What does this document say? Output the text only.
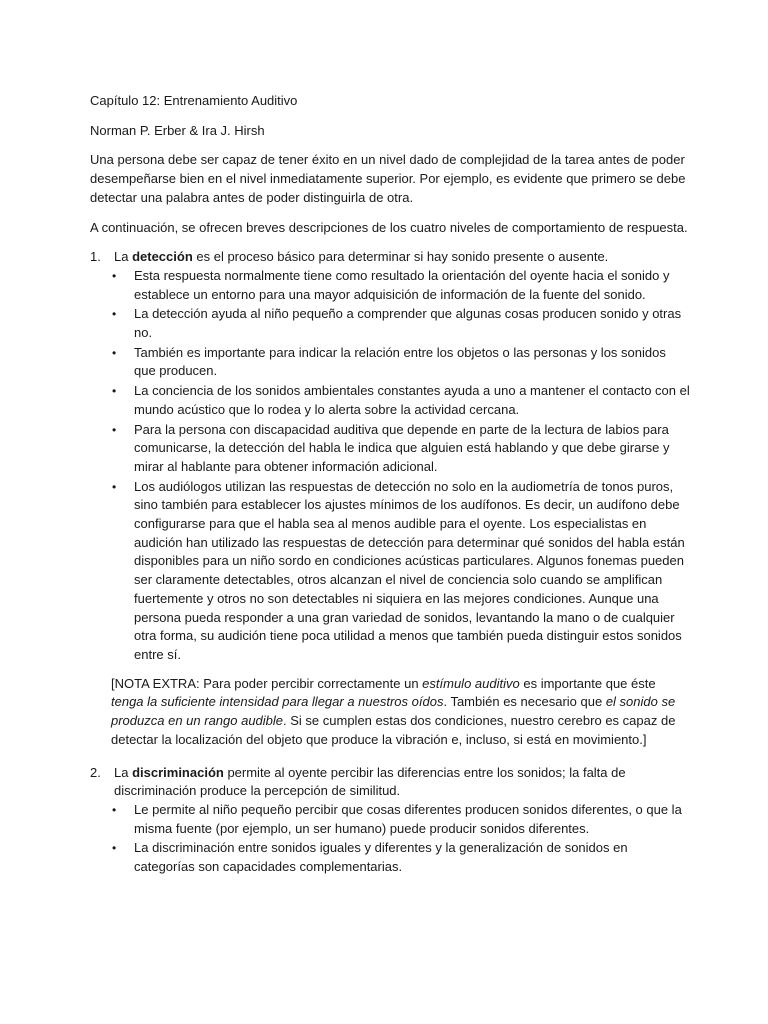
Capítulo 12: Entrenamiento Auditivo

Norman P. Erber & Ira J. Hirsh

Una persona debe ser capaz de tener éxito en un nivel dado de complejidad de la tarea antes de poder desempeñarse bien en el nivel inmediatamente superior. Por ejemplo, es evidente que primero se debe detectar una palabra antes de poder distinguirla de otra.

A continuación, se ofrecen breves descripciones de los cuatro niveles de comportamiento de respuesta.

1. La detección es el proceso básico para determinar si hay sonido presente o ausente.

• Esta respuesta normalmente tiene como resultado la orientación del oyente hacia el sonido y establece un entorno para una mayor adquisición de información de la fuente del sonido.
• La detección ayuda al niño pequeño a comprender que algunas cosas producen sonido y otras no.
• También es importante para indicar la relación entre los objetos o las personas y los sonidos que producen.
• La conciencia de los sonidos ambientales constantes ayuda a uno a mantener el contacto con el mundo acústico que lo rodea y lo alerta sobre la actividad cercana.
• Para la persona con discapacidad auditiva que depende en parte de la lectura de labios para comunicarse, la detección del habla le indica que alguien está hablando y que debe girarse y mirar al hablante para obtener información adicional.
• Los audiólogos utilizan las respuestas de detección no solo en la audiometría de tonos puros, sino también para establecer los ajustes mínimos de los audífonos. Es decir, un audífono debe configurarse para que el habla sea al menos audible para el oyente. Los especialistas en audición han utilizado las respuestas de detección para determinar qué sonidos del habla están disponibles para un niño sordo en condiciones acústicas particulares. Algunos fonemas pueden ser claramente detectables, otros alcanzan el nivel de conciencia solo cuando se amplifican fuertemente y otros no son detectables ni siquiera en las mejores condiciones. Aunque una persona pueda responder a una gran variedad de sonidos, levantando la mano o de cualquier otra forma, su audición tiene poca utilidad a menos que también pueda distinguir estos sonidos entre sí.

[NOTA EXTRA: Para poder percibir correctamente un estímulo auditivo es importante que éste tenga la suficiente intensidad para llegar a nuestros oídos. También es necesario que el sonido se produzca en un rango audible. Si se cumplen estas dos condiciones, nuestro cerebro es capaz de detectar la localización del objeto que produce la vibración e, incluso, si está en movimiento.]

2. La discriminación permite al oyente percibir las diferencias entre los sonidos; la falta de discriminación produce la percepción de similitud.

• Le permite al niño pequeño percibir que cosas diferentes producen sonidos diferentes, o que la misma fuente (por ejemplo, un ser humano) puede producir sonidos diferentes.
• La discriminación entre sonidos iguales y diferentes y la generalización de sonidos en categorías son capacidades complementarias.
